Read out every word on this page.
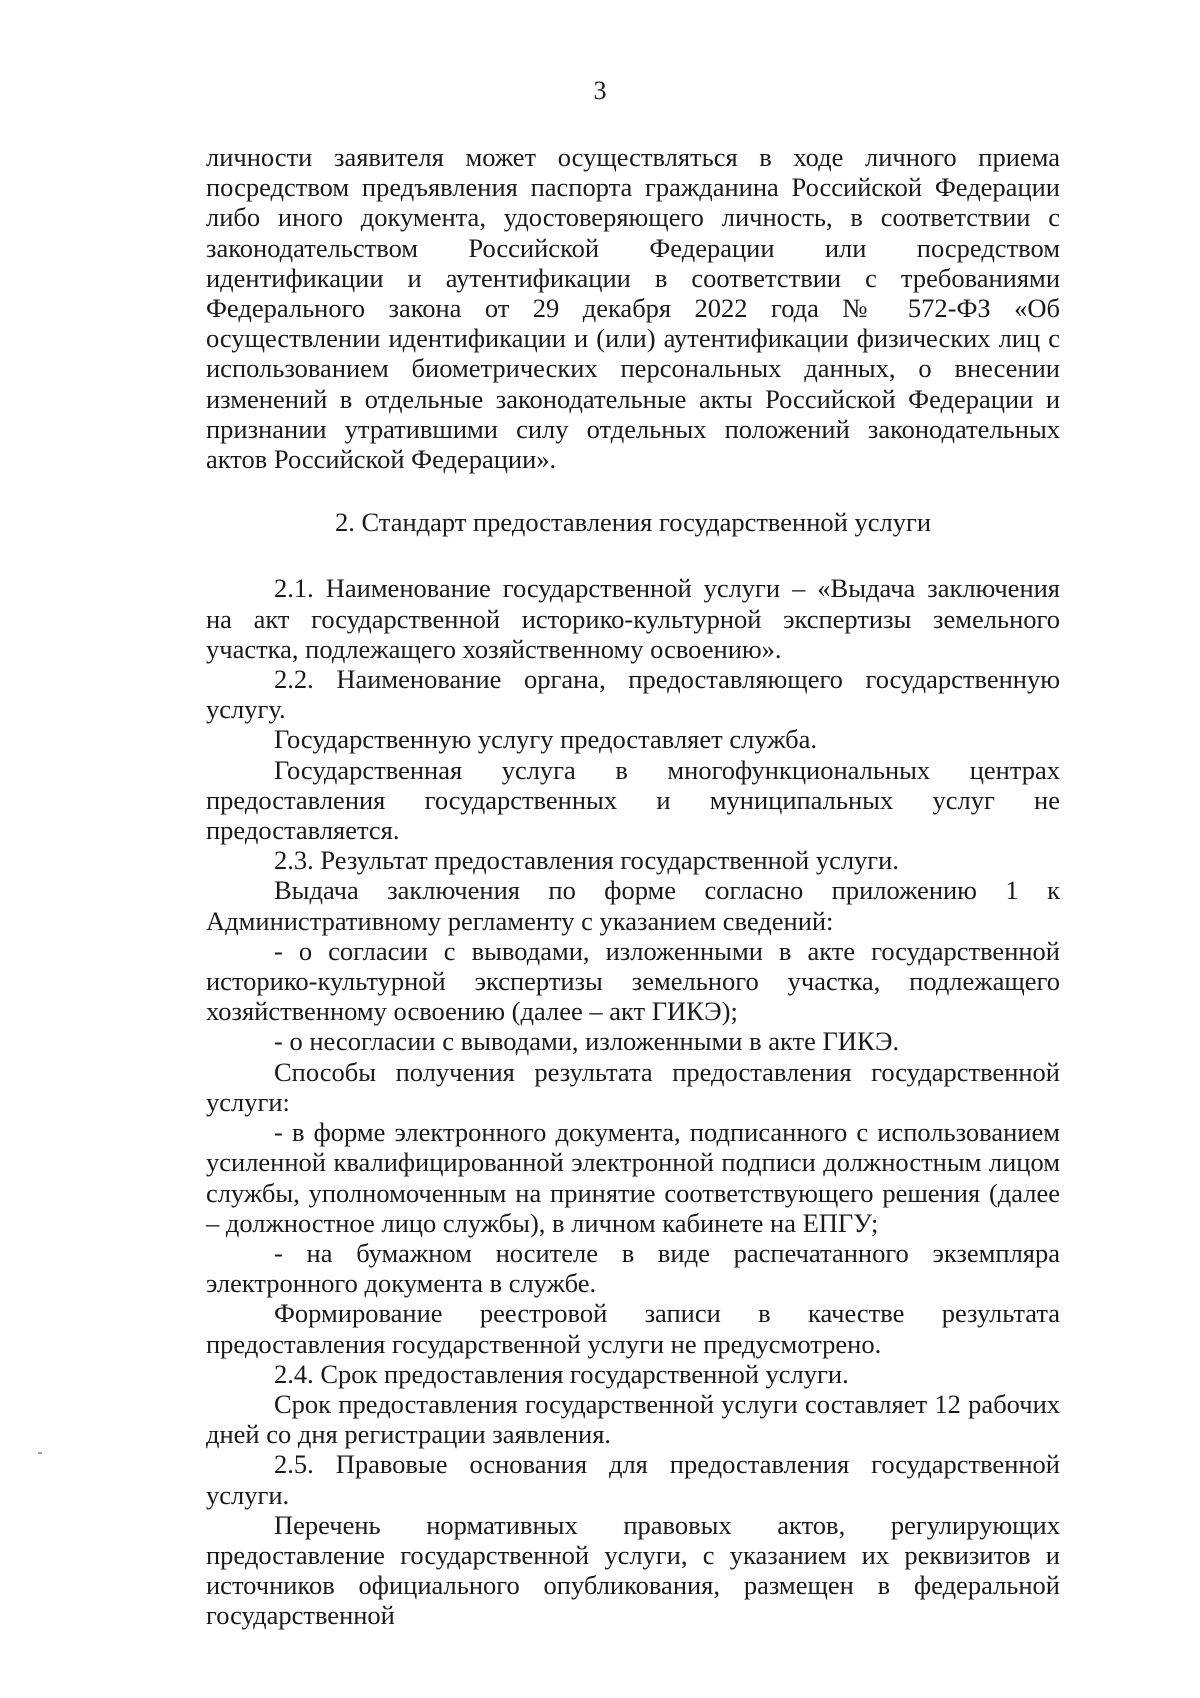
3

личности заявителя может осуществляться в ходе личного приема посредством предъявления паспорта гражданина Российской Федерации либо иного документа, удостоверяющего личность, в соответствии с законодательством Российской Федерации или посредством идентификации и аутентификации в соответствии с требованиями Федерального закона от 29 декабря 2022 года № 572-ФЗ «Об осуществлении идентификации и (или) аутентификации физических лиц с использованием биометрических персональных данных, о внесении изменений в отдельные законодательные акты Российской Федерации и признании утратившими силу отдельных положений законодательных актов Российской Федерации».

2. Стандарт предоставления государственной услуги

2.1. Наименование государственной услуги – «Выдача заключения на акт государственной историко-культурной экспертизы земельного участка, подлежащего хозяйственному освоению».

2.2. Наименование органа, предоставляющего государственную услугу.

Государственную услугу предоставляет служба.

Государственная услуга в многофункциональных центрах предоставления государственных и муниципальных услуг не предоставляется.

2.3. Результат предоставления государственной услуги.

Выдача заключения по форме согласно приложению 1 к Административному регламенту с указанием сведений:

- о согласии с выводами, изложенными в акте государственной историко-культурной экспертизы земельного участка, подлежащего хозяйственному освоению (далее – акт ГИКЭ);

- о несогласии с выводами, изложенными в акте ГИКЭ.

Способы получения результата предоставления государственной услуги:

- в форме электронного документа, подписанного с использованием усиленной квалифицированной электронной подписи должностным лицом службы, уполномоченным на принятие соответствующего решения (далее – должностное лицо службы), в личном кабинете на ЕПГУ;

- на бумажном носителе в виде распечатанного экземпляра электронного документа в службе.

Формирование реестровой записи в качестве результата предоставления государственной услуги не предусмотрено.

2.4. Срок предоставления государственной услуги.

Срок предоставления государственной услуги составляет 12 рабочих дней со дня регистрации заявления.

2.5. Правовые основания для предоставления государственной услуги.

Перечень нормативных правовых актов, регулирующих предоставление государственной услуги, с указанием их реквизитов и источников официального опубликования, размещен в федеральной государственной
